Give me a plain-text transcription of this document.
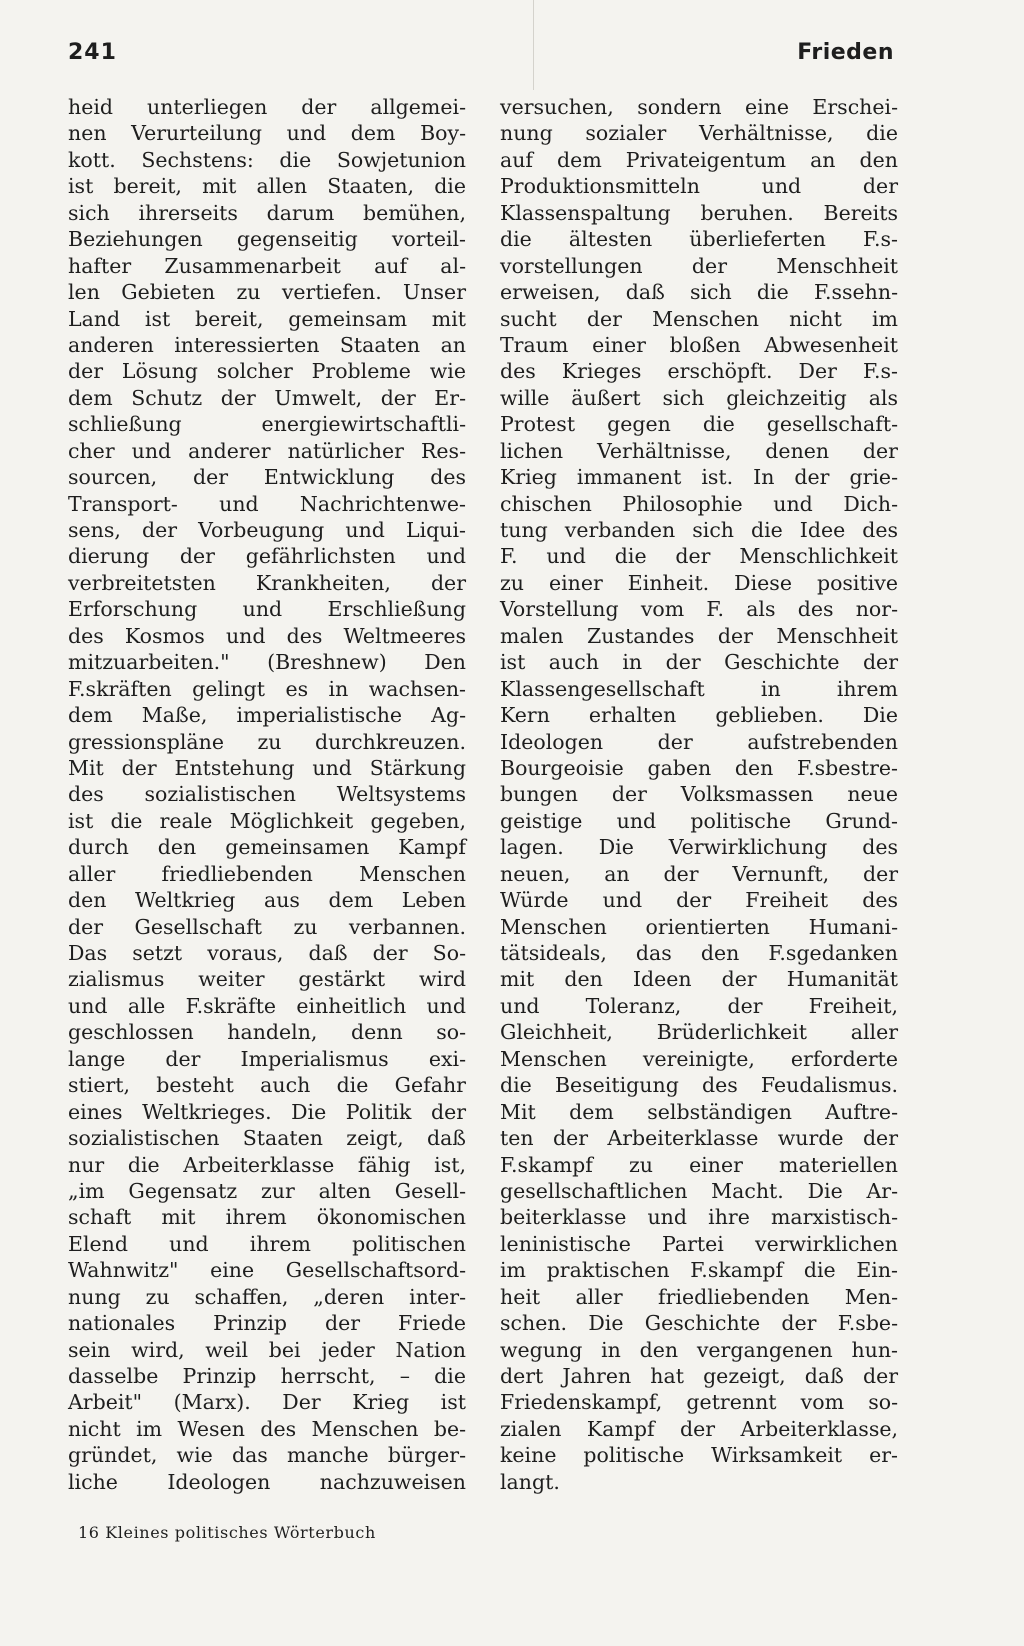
241	Frieden
heid unterliegen der allgemei-
nen Verurteilung und dem Boy-
kott. Sechstens: die Sowjetunion
ist bereit, mit allen Staaten, die
sich ihrerseits darum bemühen,
Beziehungen gegenseitig vorteil-
hafter Zusammenarbeit auf al-
len Gebieten zu vertiefen. Unser
Land ist bereit, gemeinsam mit
anderen interessierten Staaten an
der Lösung solcher Probleme wie
dem Schutz der Umwelt, der Er-
schließung energiewirtschaftli-
cher und anderer natürlicher Res-
sourcen, der Entwicklung des
Transport- und Nachrichtenwe-
sens, der Vorbeugung und Liqui-
dierung der gefährlichsten und
verbreitetsten Krankheiten, der
Erforschung und Erschließung
des Kosmos und des Weltmeeres
mitzuarbeiten." (Breshnew) Den
F.skräften gelingt es in wachsen-
dem Maße, imperialistische Ag-
gressionspläne zu durchkreuzen.
Mit der Entstehung und Stärkung
des sozialistischen Weltsystems
ist die reale Möglichkeit gegeben,
durch den gemeinsamen Kampf
aller friedliebenden Menschen
den Weltkrieg aus dem Leben
der Gesellschaft zu verbannen.
Das setzt voraus, daß der So-
zialismus weiter gestärkt wird
und alle F.skräfte einheitlich und
geschlossen handeln, denn so-
lange der Imperialismus exi-
stiert, besteht auch die Gefahr
eines Weltkrieges. Die Politik der
sozialistischen Staaten zeigt, daß
nur die Arbeiterklasse fähig ist,
„im Gegensatz zur alten Gesell-
schaft mit ihrem ökonomischen
Elend und ihrem politischen
Wahnwitz" eine Gesellschaftsord-
nung zu schaffen, „deren inter-
nationales Prinzip der Friede
sein wird, weil bei jeder Nation
dasselbe Prinzip herrscht, – die
Arbeit" (Marx). Der Krieg ist
nicht im Wesen des Menschen be-
gründet, wie das manche bürger-
liche Ideologen nachzuweisen
versuchen, sondern eine Erschei-
nung sozialer Verhältnisse, die
auf dem Privateigentum an den
Produktionsmitteln und der
Klassenspaltung beruhen. Bereits
die ältesten überlieferten F.s-
vorstellungen der Menschheit
erweisen, daß sich die F.ssehn-
sucht der Menschen nicht im
Traum einer bloßen Abwesenheit
des Krieges erschöpft. Der F.s-
wille äußert sich gleichzeitig als
Protest gegen die gesellschaft-
lichen Verhältnisse, denen der
Krieg immanent ist. In der grie-
chischen Philosophie und Dich-
tung verbanden sich die Idee des
F. und die der Menschlichkeit
zu einer Einheit. Diese positive
Vorstellung vom F. als des nor-
malen Zustandes der Menschheit
ist auch in der Geschichte der
Klassengesellschaft in ihrem
Kern erhalten geblieben. Die
Ideologen der aufstrebenden
Bourgeoisie gaben den F.sbestre-
bungen der Volksmassen neue
geistige und politische Grund-
lagen. Die Verwirklichung des
neuen, an der Vernunft, der
Würde und der Freiheit des
Menschen orientierten Humani-
tätsideals, das den F.sgedanken
mit den Ideen der Humanität
und Toleranz, der Freiheit,
Gleichheit, Brüderlichkeit aller
Menschen vereinigte, erforderte
die Beseitigung des Feudalismus.
Mit dem selbständigen Auftre-
ten der Arbeiterklasse wurde der
F.skampf zu einer materiellen
gesellschaftlichen Macht. Die Ar-
beiterklasse und ihre marxistisch-
leninistische Partei verwirklichen
im praktischen F.skampf die Ein-
heit aller friedliebenden Men-
schen. Die Geschichte der F.sbe-
wegung in den vergangenen hun-
dert Jahren hat gezeigt, daß der
Friedenskampf, getrennt vom so-
zialen Kampf der Arbeiterklasse,
keine politische Wirksamkeit er-
langt.
16 Kleines politisches Wörterbuch
